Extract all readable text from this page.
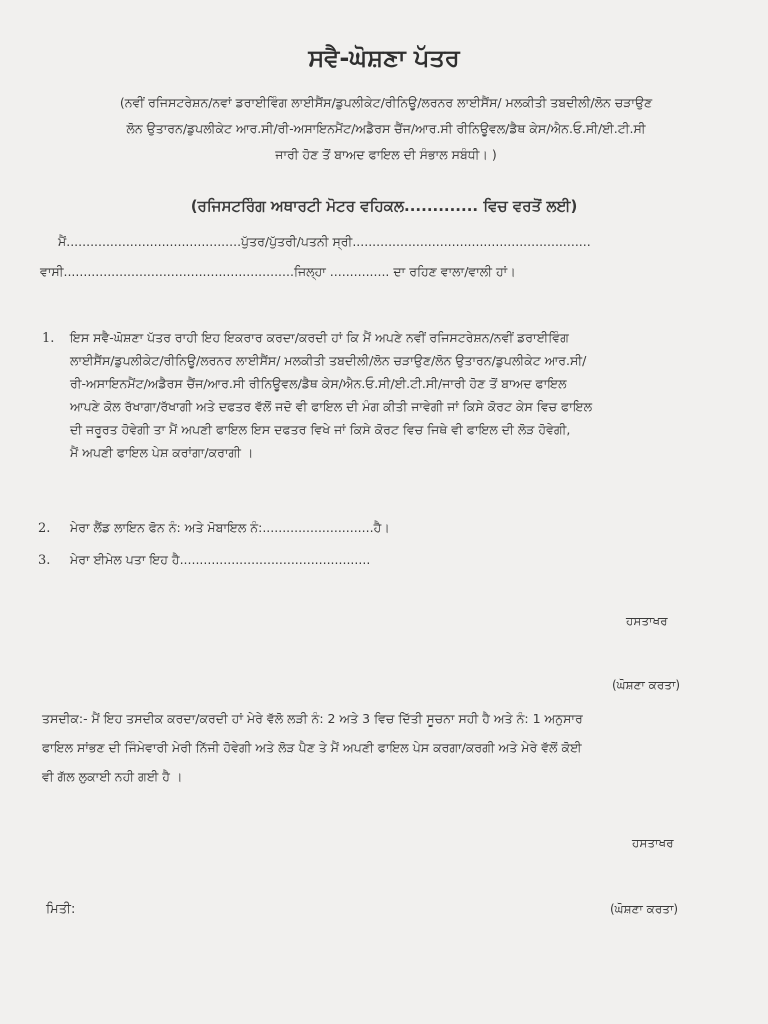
ਸਵੈ-ਘੋਸ਼ਣਾ ਪੱਤਰ
(ਨਵੀਂ ਰਜਿਸਟਰੇਸ਼ਨ/ਨਵਾਂ ਡਰਾਈਵਿੰਗ ਲਾਈਸੈਂਸ/ਡੁਪਲੀਕੇਟ/ਰੀਨਿਊ/ਲਰਨਰ ਲਾਈਸੈਂਸ/ ਮਲਕੀਤੀ ਤਬਦੀਲੀ/ਲੋਨ ਚੜਾਉਣ
ਲੋਨ ਉਤਾਰਨ/ਡੁਪਲੀਕੇਟ ਆਰ.ਸੀ/ਰੀ-ਅਸਾਇਨਮੈਂਟ/ਅਡੈਰਸ ਚੈਂਜ/ਆਰ.ਸੀ ਰੀਨਿਊਵਲ/ਡੈਥ ਕੇਸ/ਐਨ.ਓ.ਸੀ/ਈ.ਟੀ.ਸੀ
ਜਾਰੀ ਹੋਣ ਤੋਂ ਬਾਅਦ ਫਾਇਲ ਦੀ ਸੰਭਾਲ ਸਬੰਧੀ। )
(ਰਜਿਸਟਰਿੰਗ ਅਥਾਰਟੀ ਮੋਟਰ ਵਹਿਕਲ............. ਵਿਚ ਵਰਤੋਂ ਲਈ)
ਮੈਂ............................................ਪੁੱਤਰ/ਪੁੱਤਰੀ/ਪਤਨੀ ਸ੍ਰੀ............................................................
ਵਾਸੀ..........................................................ਜਿਲ੍ਹਾ ............... ਦਾ ਰਹਿਣ ਵਾਲਾ/ਵਾਲੀ ਹਾਂ।
1. ਇਸ ਸਵੈ-ਘੋਸ਼ਣਾ ਪੱਤਰ ਰਾਹੀ ਇਹ ਇਕਰਾਰ ਕਰਦਾ/ਕਰਦੀ ਹਾਂ ਕਿ ਮੈਂ ਅਪਣੇ ਨਵੀਂ ਰਜਿਸਟਰੇਸ਼ਨ/ਨਵੀਂ ਡਰਾਈਵਿੰਗ
ਲਾਈਸੈਂਸ/ਡੁਪਲੀਕੇਟ/ਰੀਨਿਊ/ਲਰਨਰ ਲਾਈਸੈਂਸ/ ਮਲਕੀਤੀ ਤਬਦੀਲੀ/ਲੋਨ ਚੜਾਉਣ/ਲੋਨ ਉਤਾਰਨ/ਡੁਪਲੀਕੇਟ ਆਰ.ਸੀ/
ਰੀ-ਅਸਾਇਨਮੈਂਟ/ਅਡੈਰਸ ਚੈਂਜ/ਆਰ.ਸੀ ਰੀਨਿਊਵਲ/ਡੈਥ ਕੇਸ/ਐਨ.ਓ.ਸੀ/ਈ.ਟੀ.ਸੀ/ਜਾਰੀ ਹੋਣ ਤੋਂ ਬਾਅਦ ਫਾਇਲ
ਆਪਣੇ ਕੋਲ ਰੱਖਾਗਾ/ਰੱਖਾਗੀ ਅਤੇ ਦਫਤਰ ਵੱਲੋਂ ਜਦੋ ਵੀ ਫਾਇਲ ਦੀ ਮੰਗ ਕੀਤੀ ਜਾਵੇਗੀ ਜਾਂ ਕਿਸੇ ਕੋਰਟ ਕੇਸ ਵਿਚ ਫਾਇਲ
ਦੀ ਜਰੂਰਤ ਹੋਵੇਗੀ ਤਾ ਮੈਂ ਅਪਣੀ ਫਾਇਲ ਇਸ ਦਫਤਰ ਵਿਖੇ ਜਾਂ ਕਿਸੇ ਕੋਰਟ ਵਿਚ ਜਿਥੇ ਵੀ ਫਾਇਲ ਦੀ ਲੋੜ ਹੋਵੇਗੀ,
ਮੈਂ ਅਪਣੀ ਫਾਇਲ ਪੇਸ਼ ਕਰਾਂਗਾ/ਕਰਾਗੀ ।
2. ਮੇਰਾ ਲੈਂਡ ਲਾਇਨ ਫੋਨ ਨੰ: ਅਤੇ ਮੋਬਾਇਲ ਨੰ:............................ਹੈ।
3. ਮੇਰਾ ਈਮੇਲ ਪਤਾ ਇਹ ਹੈ................................................
ਹਸਤਾਖਰ
(ਘੋਸ਼ਣਾ ਕਰਤਾ)
ਤਸਦੀਕ:- ਮੈਂ ਇਹ ਤਸਦੀਕ ਕਰਦਾ/ਕਰਦੀ ਹਾਂ ਮੇਰੇ ਵੱਲੋ ਲੜੀ ਨੰ: 2 ਅਤੇ 3 ਵਿਚ ਦਿੱਤੀ ਸੂਚਨਾ ਸਹੀ ਹੈ ਅਤੇ ਨੰ: 1 ਅਨੁਸਾਰ
ਫਾਇਲ ਸਾਂਭਣ ਦੀ ਜਿੰਮੇਵਾਰੀ ਮੇਰੀ ਨਿੱਜੀ ਹੋਵੇਗੀ ਅਤੇ ਲੋੜ ਪੈਣ ਤੇ ਮੈਂ ਅਪਣੀ ਫਾਇਲ ਪੇਸ ਕਰਗਾ/ਕਰਗੀ ਅਤੇ ਮੇਰੇ ਵੱਲੋਂ ਕੋਈ
ਵੀ ਗੱਲ ਲੁਕਾਈ ਨਹੀ ਗਈ ਹੈ ।
ਹਸਤਾਖਰ
ਮਿਤੀ:	(ਘੋਸ਼ਣਾ ਕਰਤਾ)
